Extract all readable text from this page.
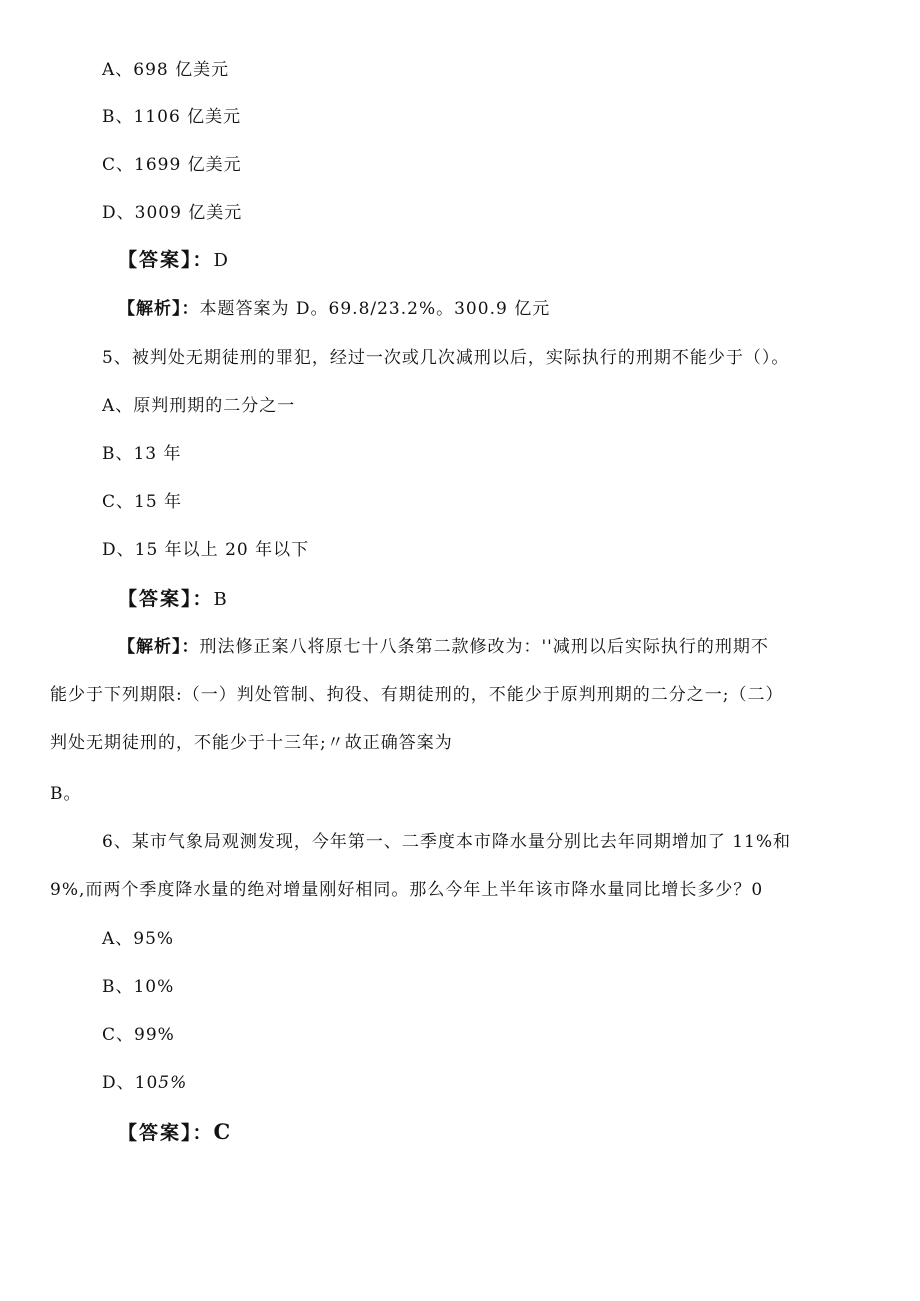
A、698 亿美元
B、1106 亿美元
C、1699 亿美元
D、3009 亿美元
【答案】：D
【解析】：本题答案为 D。69.8/23.2%。300.9 亿元
5、被判处无期徒刑的罪犯，经过一次或几次减刑以后，实际执行的刑期不能少于（）。
A、原判刑期的二分之一
B、13 年
C、15 年
D、15 年以上 20 年以下
【答案】：B
【解析】：刑法修正案八将原七十八条第二款修改为：''减刑以后实际执行的刑期不
能少于下列期限:（一）判处管制、拘役、有期徒刑的，不能少于原判刑期的二分之一;（二）
判处无期徒刑的，不能少于十三年;〃故正确答案为
B。
6、某市气象局观测发现，今年第一、二季度本市降水量分别比去年同期增加了 11%和
9%,而两个季度降水量的绝对增量刚好相同。那么今年上半年该市降水量同比增长多少？0
A、95%
B、10%
C、99%
D、105%
【答案】：C
